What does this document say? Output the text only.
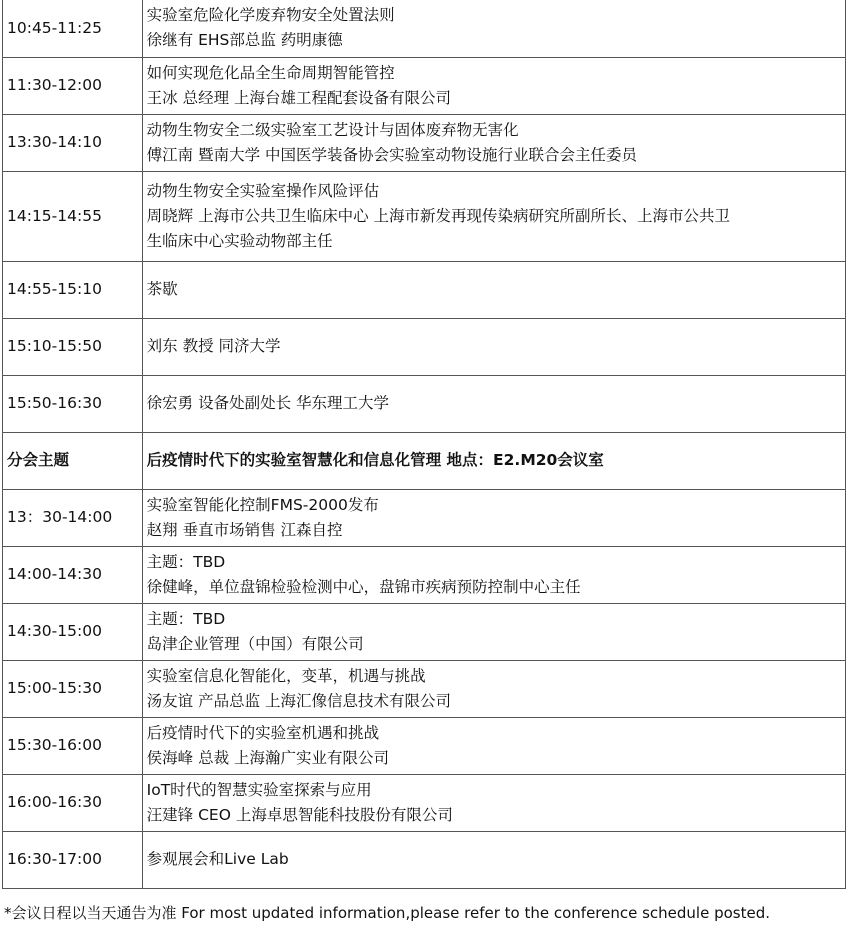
10:45-11:25	实验室危险化学废弃物安全处置法则
徐继有 EHS部总监 药明康德

11:30-12:00	如何实现危化品全生命周期智能管控
王冰 总经理 上海台雄工程配套设备有限公司

13:30-14:10	动物生物安全二级实验室工艺设计与固体废弃物无害化
傅江南 暨南大学 中国医学装备协会实验室动物设施行业联合会主任委员

14:15-14:55	动物生物安全实验室操作风险评估
周晓辉 上海市公共卫生临床中心 上海市新发再现传染病研究所副所长、上海市公共卫
生临床中心实验动物部主任

14:55-15:10	茶歇

15:10-15:50	刘东 教授 同济大学

15:50-16:30	徐宏勇 设备处副处长 华东理工大学

分会主题	后疫情时代下的实验室智慧化和信息化管理 地点：E2.M20会议室

13：30-14:00	实验室智能化控制FMS-2000发布
赵翔 垂直市场销售 江森自控

14:00-14:30	主题：TBD
徐健峰，单位盘锦检验检测中心，盘锦市疾病预防控制中心主任

14:30-15:00	主题：TBD
岛津企业管理（中国）有限公司

15:00-15:30	实验室信息化智能化，变革，机遇与挑战
汤友谊 产品总监 上海汇像信息技术有限公司

15:30-16:00	后疫情时代下的实验室机遇和挑战
侯海峰 总裁 上海瀚广实业有限公司

16:00-16:30	IoT时代的智慧实验室探索与应用
汪建锋 CEO 上海卓思智能科技股份有限公司

16:30-17:00	参观展会和Live Lab
*会议日程以当天通告为准 For most updated information,please refer to the conference schedule posted.
